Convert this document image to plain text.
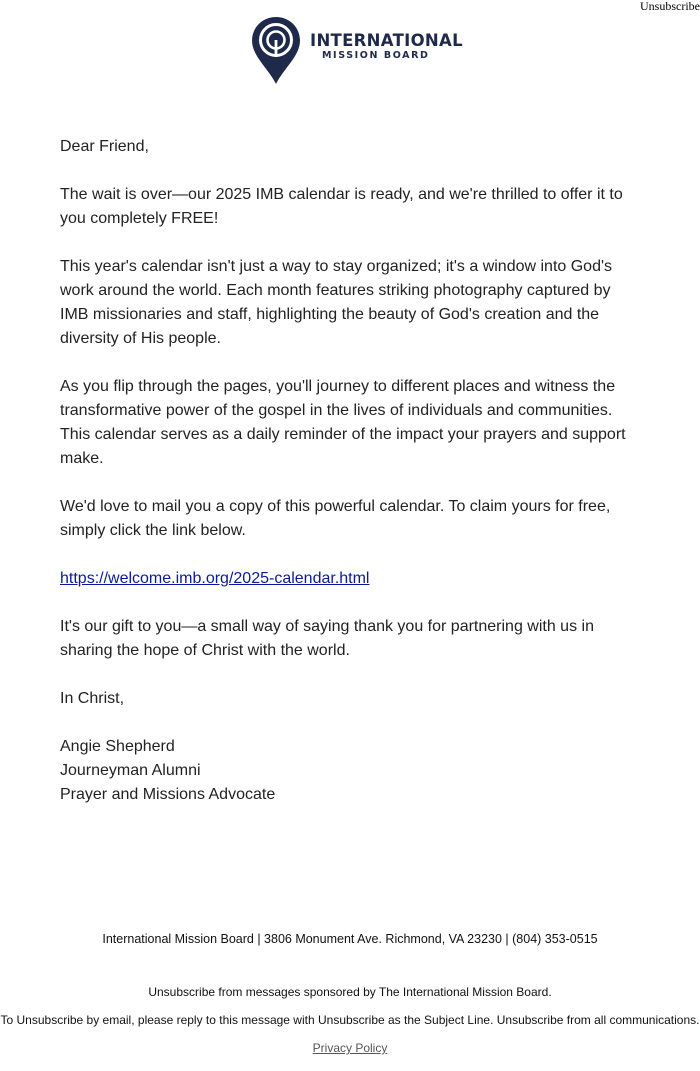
Unsubscribe
INTERNATIONAL
MISSION BOARD

Dear Friend,

The wait is over—our 2025 IMB calendar is ready, and we're thrilled to offer it to you completely FREE!

This year's calendar isn't just a way to stay organized; it's a window into God's work around the world. Each month features striking photography captured by IMB missionaries and staff, highlighting the beauty of God's creation and the diversity of His people.

As you flip through the pages, you'll journey to different places and witness the transformative power of the gospel in the lives of individuals and communities. This calendar serves as a daily reminder of the impact your prayers and support make.

We'd love to mail you a copy of this powerful calendar. To claim yours for free, simply click the link below.

https://welcome.imb.org/2025-calendar.html

It's our gift to you—a small way of saying thank you for partnering with us in sharing the hope of Christ with the world.

In Christ,

Angie Shepherd
Journeyman Alumni
Prayer and Missions Advocate

International Mission Board | 3806 Monument Ave. Richmond, VA 23230 | (804) 353-0515
Unsubscribe from messages sponsored by The International Mission Board.
To Unsubscribe by email, please reply to this message with Unsubscribe as the Subject Line. Unsubscribe from all communications.
Privacy Policy
